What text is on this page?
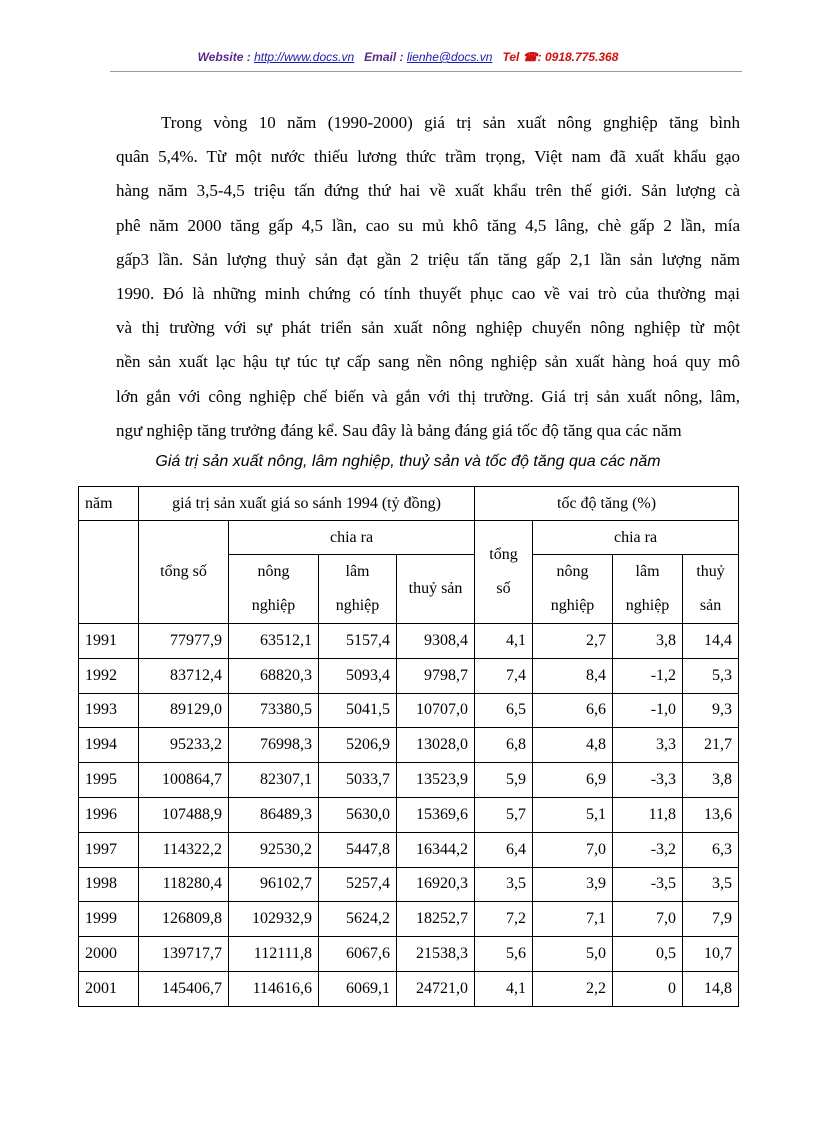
Website : http://www.docs.vn Email : lienhe@docs.vn Tel ☎: 0918.775.368
Trong vòng 10 năm (1990-2000) giá trị sản xuất nông gnghiệp tăng bình
quân 5,4%. Từ một nước thiếu lương thức trầm trọng, Việt nam đã xuất khẩu gạo
hàng năm 3,5-4,5 triệu tấn đứng thứ hai về xuất khẩu trên thế giới. Sản lượng cà
phê năm 2000 tăng gấp 4,5 lần, cao su mủ khô tăng 4,5 lâng, chè gấp 2 lần, mía
gấp3 lần. Sản lượng thuỷ sản đạt gần 2 triệu tấn tăng gấp 2,1 lần sản lượng năm
1990. Đó là những minh chứng có tính thuyết phục cao về vai trò của thường mại
và thị trường với sự phát triển sản xuất nông nghiệp chuyển nông nghiệp từ một
nền sản xuất lạc hậu tự túc tự cấp sang nền nông nghiệp sản xuất hàng hoá quy mô
lớn gắn với công nghiệp chế biến và gắn với thị trường. Giá trị sản xuất nông, lâm,
ngư nghiệp tăng trưởng đáng kể. Sau đây là bảng đáng giá tốc độ tăng qua các năm
Giá trị sản xuất nông, lâm nghiệp, thuỷ sản và tốc độ tăng qua các năm
năm	giá trị sản xuất giá so sánh 1994 (tỷ đồng)				tốc độ tăng (%)			
	tổng số	chia ra			tổng số	chia ra		
		nông nghiệp	lâm nghiệp	thuỷ sản		nông nghiệp	lâm nghiệp	thuỷ sản

1991	77977,9	63512,1	5157,4	9308,4	4,1	2,7	3,8	14,4
1992	83712,4	68820,3	5093,4	9798,7	7,4	8,4	-1,2	5,3
1993	89129,0	73380,5	5041,5	10707,0	6,5	6,6	-1,0	9,3
1994	95233,2	76998,3	5206,9	13028,0	6,8	4,8	3,3	21,7
1995	100864,7	82307,1	5033,7	13523,9	5,9	6,9	-3,3	3,8
1996	107488,9	86489,3	5630,0	15369,6	5,7	5,1	11,8	13,6
1997	114322,2	92530,2	5447,8	16344,2	6,4	7,0	-3,2	6,3
1998	118280,4	96102,7	5257,4	16920,3	3,5	3,9	-3,5	3,5
1999	126809,8	102932,9	5624,2	18252,7	7,2	7,1	7,0	7,9
2000	139717,7	112111,8	6067,6	21538,3	5,6	5,0	0,5	10,7
2001	145406,7	114616,6	6069,1	24721,0	4,1	2,2	0	14,8
